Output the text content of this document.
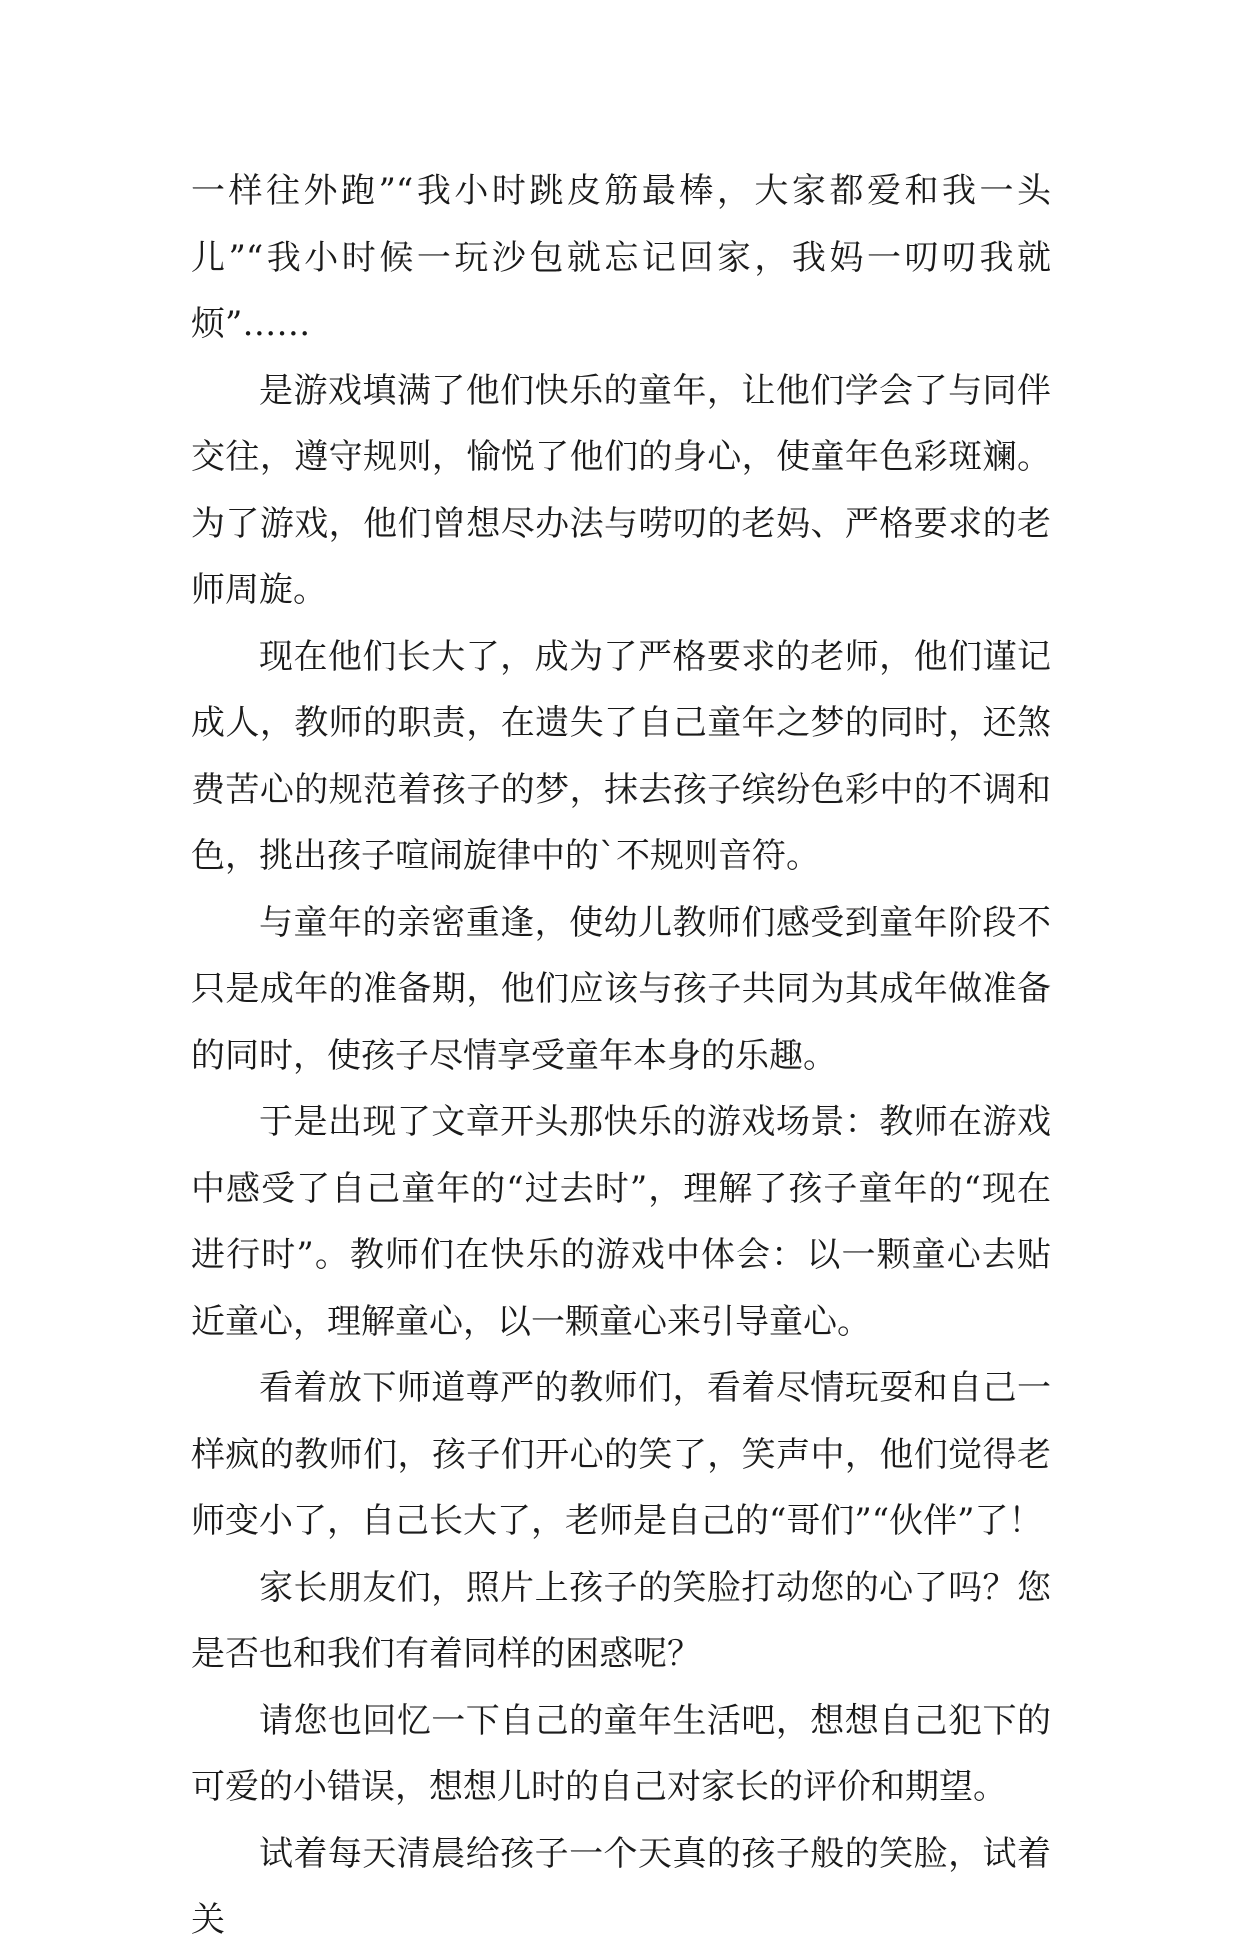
一样往外跑”“我小时跳皮筋最棒，大家都爱和我一头儿”“我小时候一玩沙包就忘记回家，我妈一叨叨我就烦”……

是游戏填满了他们快乐的童年，让他们学会了与同伴交往，遵守规则，愉悦了他们的身心，使童年色彩斑斓。为了游戏，他们曾想尽办法与唠叨的老妈、严格要求的老师周旋。

现在他们长大了，成为了严格要求的老师，他们谨记成人，教师的职责，在遗失了自己童年之梦的同时，还煞费苦心的规范着孩子的梦，抹去孩子缤纷色彩中的不调和色，挑出孩子喧闹旋律中的`不规则音符。

与童年的亲密重逢，使幼儿教师们感受到童年阶段不只是成年的准备期，他们应该与孩子共同为其成年做准备的同时，使孩子尽情享受童年本身的乐趣。

于是出现了文章开头那快乐的游戏场景：教师在游戏中感受了自己童年的“过去时”，理解了孩子童年的“现在进行时”。教师们在快乐的游戏中体会：以一颗童心去贴近童心，理解童心，以一颗童心来引导童心。

看着放下师道尊严的教师们，看着尽情玩耍和自己一样疯的教师们，孩子们开心的笑了，笑声中，他们觉得老师变小了，自己长大了，老师是自己的“哥们”“伙伴”了！

家长朋友们，照片上孩子的笑脸打动您的心了吗？您是否也和我们有着同样的困惑呢？

请您也回忆一下自己的童年生活吧，想想自己犯下的可爱的小错误，想想儿时的自己对家长的评价和期望。

试着每天清晨给孩子一个天真的孩子般的笑脸，试着关
